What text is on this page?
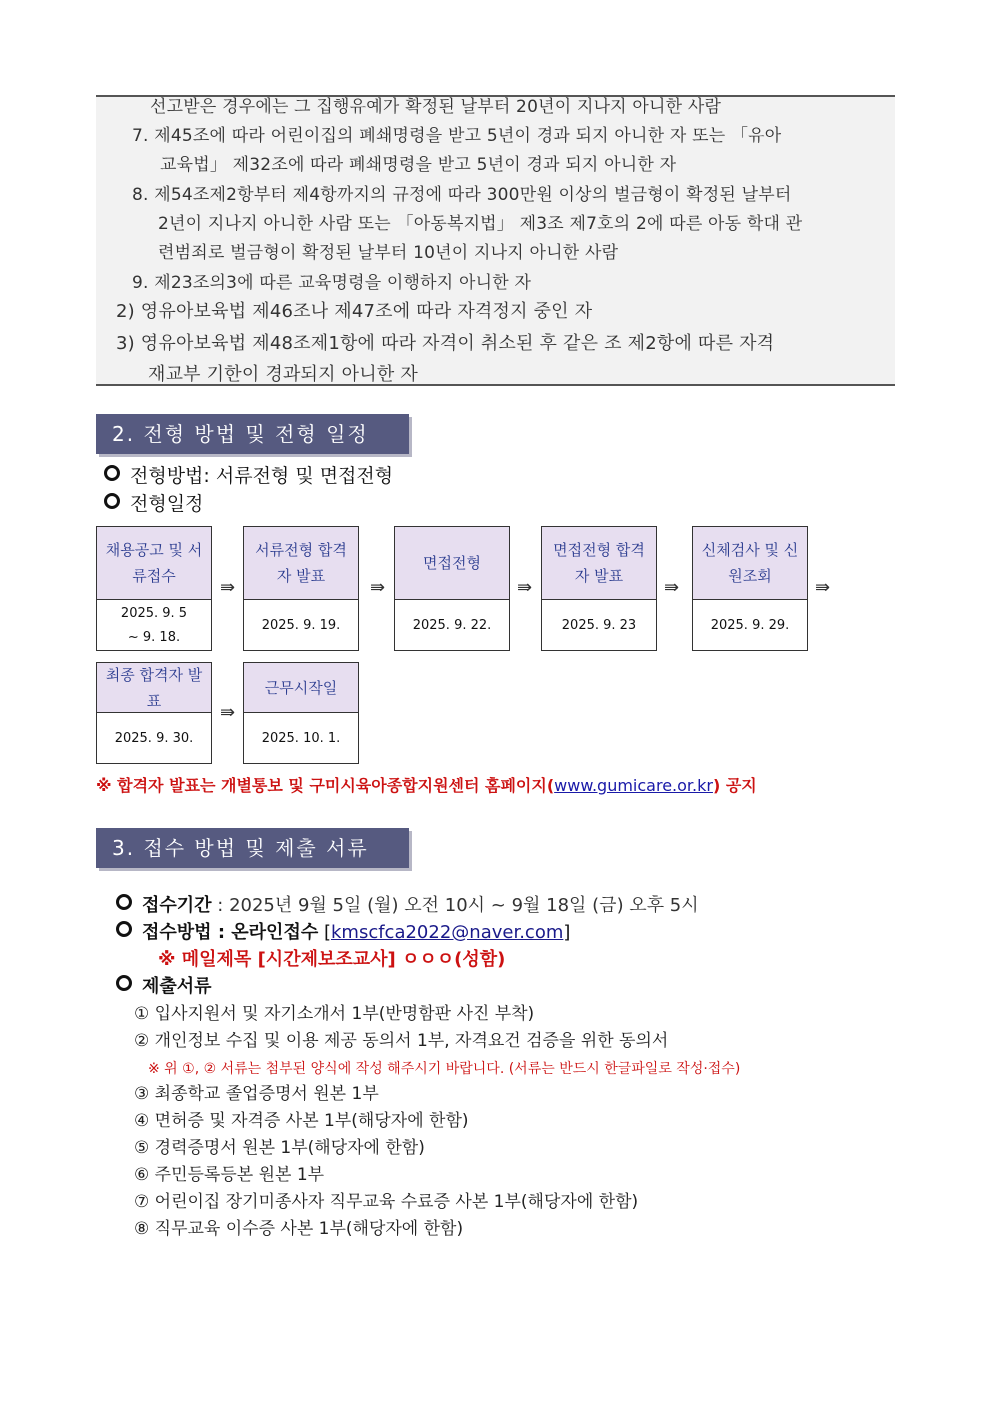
선고받은 경우에는 그 집행유예가 확정된 날부터 20년이 지나지 아니한 사람
7. 제45조에 따라 어린이집의 폐쇄명령을 받고 5년이 경과 되지 아니한 자 또는 「유아
교육법」 제32조에 따라 폐쇄명령을 받고 5년이 경과 되지 아니한 자
8. 제54조제2항부터 제4항까지의 규정에 따라 300만원 이상의 벌금형이 확정된 날부터
2년이 지나지 아니한 사람 또는 「아동복지법」 제3조 제7호의 2에 따른 아동 학대 관
련범죄로 벌금형이 확정된 날부터 10년이 지나지 아니한 사람
9. 제23조의3에 따른 교육명령을 이행하지 아니한 자
2) 영유아보육법 제46조나 제47조에 따라 자격정지 중인 자
3) 영유아보육법 제48조제1항에 따라 자격이 취소된 후 같은 조 제2항에 따른 자격
재교부 기한이 경과되지 아니한 자
2. 전형 방법 및 전형 일정
전형방법: 서류전형 및 면접전형
전형일정
채용공고 및 서류접수
2025. 9. 5 ~ 9. 18.
⇛
서류전형 합격자 발표
2025. 9. 19.
⇛
면접전형
2025. 9. 22.
⇛
면접전형 합격자 발표
2025. 9. 23
⇛
신체검사 및 신원조회
2025. 9. 29.
⇛
최종 합격자 발표
2025. 9. 30.
⇛
근무시작일
2025. 10. 1.
※ 합격자 발표는 개별통보 및 구미시육아종합지원센터 홈페이지(www.gumicare.or.kr) 공지
3. 접수 방법 및 제출 서류
접수기간 : 2025년 9월 5일 (월) 오전 10시 ~ 9월 18일 (금) 오후 5시
접수방법 : 온라인접수 [kmscfca2022@naver.com]
※ 메일제목 [시간제보조교사] ㅇㅇㅇ(성함)
제출서류
① 입사지원서 및 자기소개서 1부(반명함판 사진 부착)
② 개인정보 수집 및 이용 제공 동의서 1부, 자격요건 검증을 위한 동의서
※ 위 ①, ② 서류는 첨부된 양식에 작성 해주시기 바랍니다. (서류는 반드시 한글파일로 작성·접수)
③ 최종학교 졸업증명서 원본 1부
④ 면허증 및 자격증 사본 1부(해당자에 한함)
⑤ 경력증명서 원본 1부(해당자에 한함)
⑥ 주민등록등본 원본 1부
⑦ 어린이집 장기미종사자 직무교육 수료증 사본 1부(해당자에 한함)
⑧ 직무교육 이수증 사본 1부(해당자에 한함)
